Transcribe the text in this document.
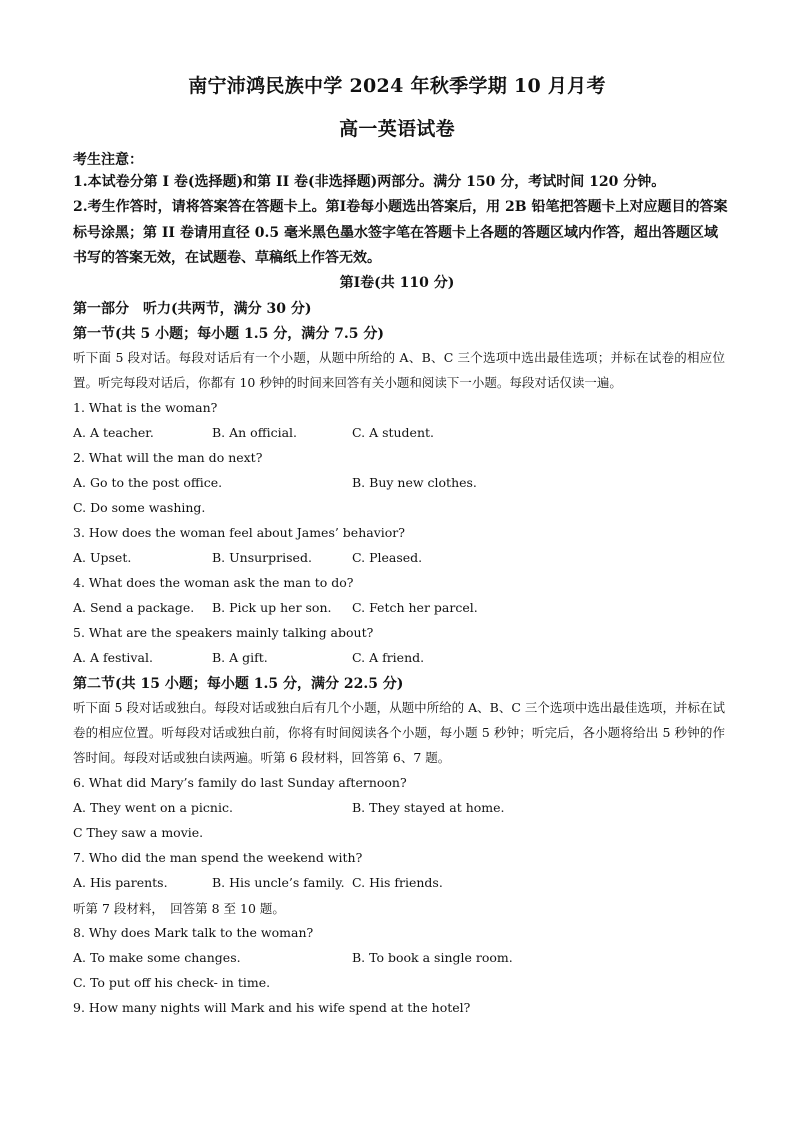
南宁沛鸿民族中学 2024 年秋季学期 10 月月考
高一英语试卷
考生注意：
1.本试卷分第 I 卷(选择题)和第 II 卷(非选择题)两部分。满分 150 分，考试时间 120 分钟。
2.考生作答时，请将答案答在答题卡上。第Ⅰ卷每小题选出答案后，用 2B 铅笔把答题卡上对应题目的答案标号涂黑；第 II 卷请用直径 0.5 毫米黑色墨水签字笔在答题卡上各题的答题区域内作答，超出答题区域书写的答案无效，在试题卷、草稿纸上作答无效。
第Ⅰ卷(共 110 分)
第一部分　听力(共两节，满分 30 分)
第一节(共 5 小题；每小题 1.5 分，满分 7.5 分)
听下面 5 段对话。每段对话后有一个小题，从题中所给的 A、B、C 三个选项中选出最佳选项；并标在试卷的相应位置。听完每段对话后，你都有 10 秒钟的时间来回答有关小题和阅读下一小题。每段对话仅读一遍。
1. What is the woman?
A. A teacher.	B. An official.	C. A student.
2. What will the man do next?
A. Go to the post office.	B. Buy new clothes.
C. Do some washing.
3. How does the woman feel about James’ behavior?
A. Upset.	B. Unsurprised.	C. Pleased.
4. What does the woman ask the man to do?
A. Send a package. B. Pick up her son. C. Fetch her parcel.
5. What are the speakers mainly talking about?
A. A festival.	B. A gift.	C. A friend.
第二节(共 15 小题；每小题 1.5 分，满分 22.5 分)
听下面 5 段对话或独白。每段对话或独白后有几个小题，从题中所给的 A、B、C 三个选项中选出最佳选项，并标在试卷的相应位置。听每段对话或独白前，你将有时间阅读各个小题，每小题 5 秒钟；听完后，各小题将给出 5 秒钟的作答时间。每段对话或独白读两遍。听第 6 段材料，回答第 6、7 题。
6. What did Mary’s family do last Sunday afternoon?
A. They went on a picnic.	B. They stayed at home.
C They saw a movie.
7. Who did the man spend the weekend with?
A. His parents.	B. His uncle’s family. C. His friends.
听第 7 段材料，　回答第 8 至 10 题。
8. Why does Mark talk to the woman?
A. To make some changes.	B. To book a single room.
C. To put off his check- in time.
9. How many nights will Mark and his wife spend at the hotel?
